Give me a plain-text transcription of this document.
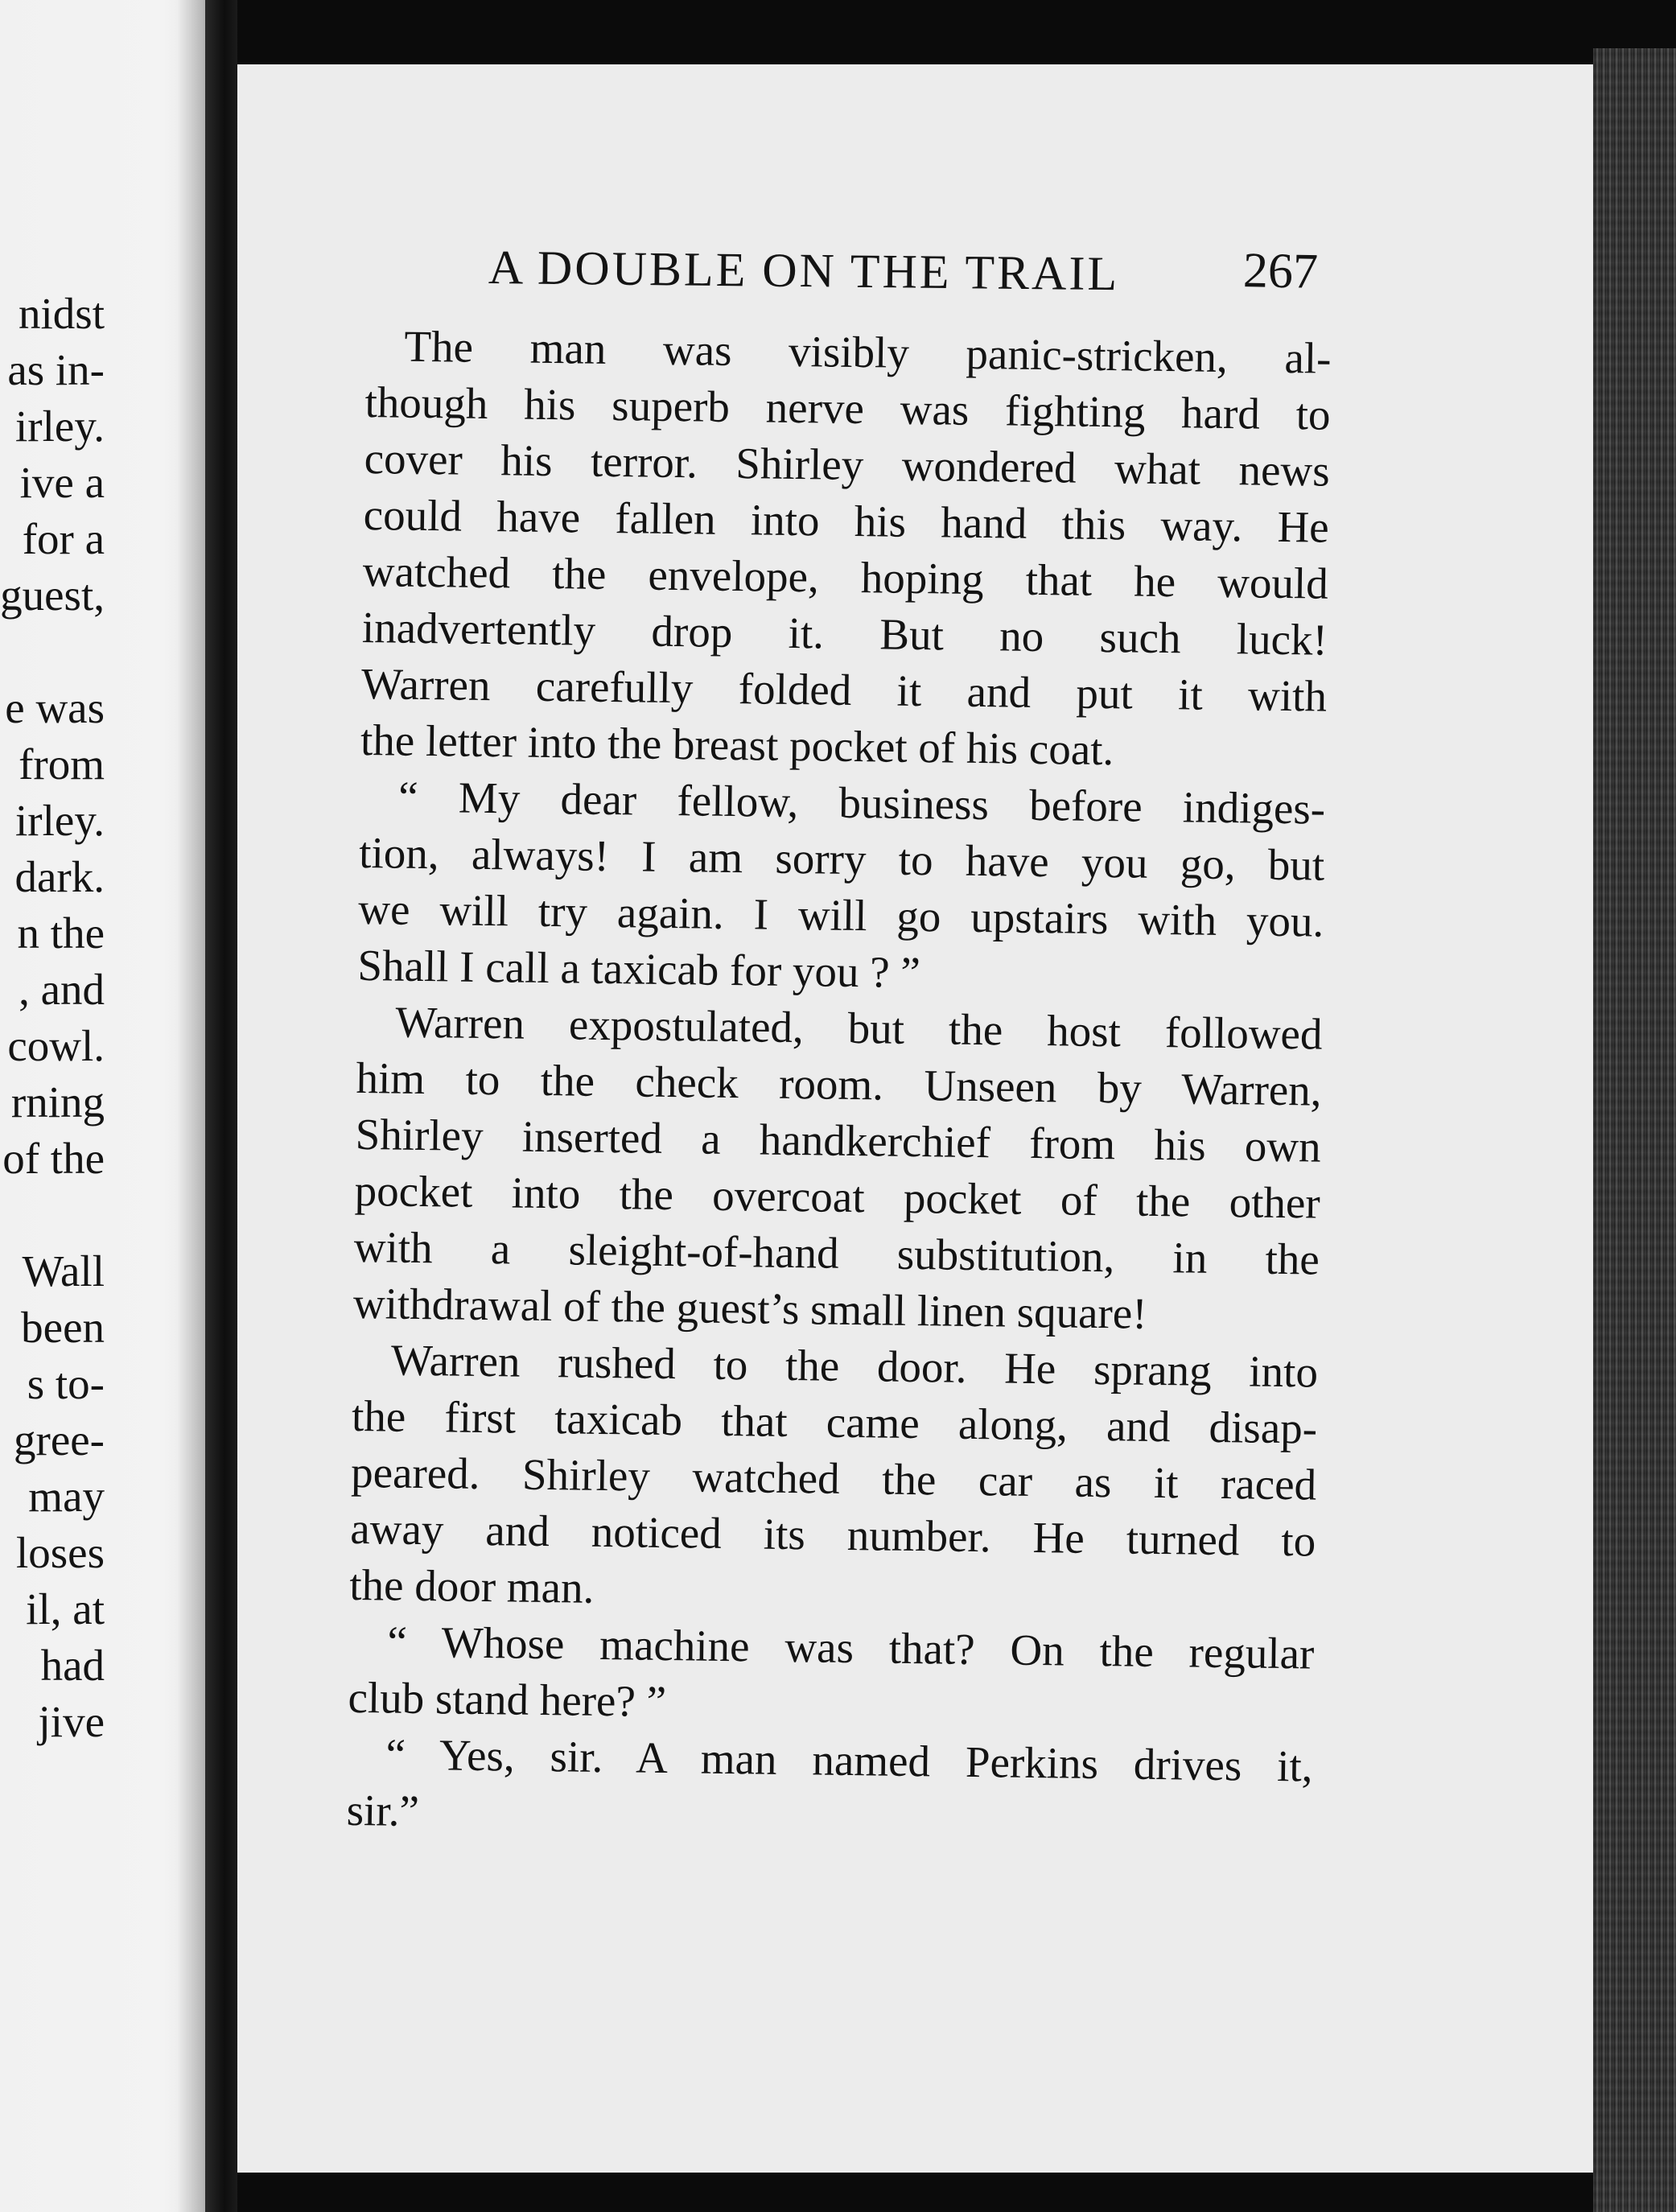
nidst
as in-
irley.
ive a
for a
guest,
e was
from
irley.
dark.
n the
, and
cowl.
rning
of the
Wall
been
s to-
gree-
may
loses
il, at
had
jive
A DOUBLE ON THE TRAIL 267
The man was visibly panic-stricken, al-
though his superb nerve was fighting hard to
cover his terror. Shirley wondered what news
could have fallen into his hand this way. He
watched the envelope, hoping that he would
inadvertently drop it. But no such luck!
Warren carefully folded it and put it with
the letter into the breast pocket of his coat.
“ My dear fellow, business before indiges-
tion, always! I am sorry to have you go, but
we will try again. I will go upstairs with you.
Shall I call a taxicab for you ? ”
Warren expostulated, but the host followed
him to the check room. Unseen by Warren,
Shirley inserted a handkerchief from his own
pocket into the overcoat pocket of the other
with a sleight-of-hand substitution, in the
withdrawal of the guest’s small linen square!
Warren rushed to the door. He sprang into
the first taxicab that came along, and disap-
peared. Shirley watched the car as it raced
away and noticed its number. He turned to
the door man.
“ Whose machine was that? On the regular
club stand here? ”
“ Yes, sir. A man named Perkins drives it,
sir.”
